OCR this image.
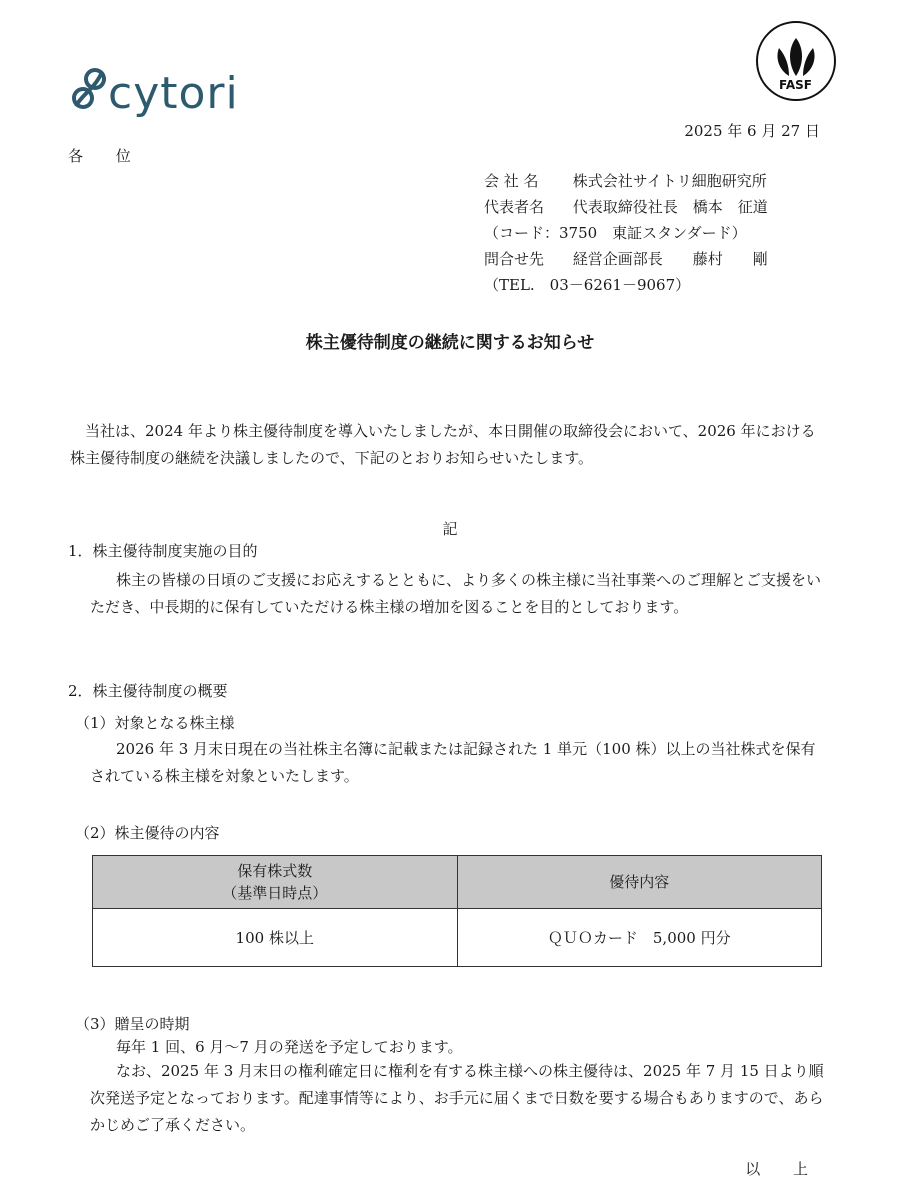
cytori	FASF
2025 年 6 月 27 日
各 位
会 社 名 株式会社サイトリ細胞研究所
代表者名 代表取締役社長　橋本　征道
（コード：3750　東証スタンダード）
問合せ先 経営企画部長　　藤村　　剛
（TEL.　03－6261－9067）
株主優待制度の継続に関するお知らせ
当社は、2024 年より株主優待制度を導入いたしましたが、本日開催の取締役会において、2026 年における株主優待制度の継続を決議しましたので、下記のとおりお知らせいたします。
記
1．株主優待制度実施の目的
株主の皆様の日頃のご支援にお応えするとともに、より多くの株主様に当社事業へのご理解とご支援をいただき、中長期的に保有していただける株主様の増加を図ることを目的としております。
2．株主優待制度の概要
（1）対象となる株主様
2026 年 3 月末日現在の当社株主名簿に記載または記録された 1 単元（100 株）以上の当社株式を保有されている株主様を対象といたします。
（2）株主優待の内容
保有株式数
（基準日時点）	優待内容
100 株以上	ＱＵＯカード　5,000 円分
（3）贈呈の時期
毎年 1 回、6 月～7 月の発送を予定しております。
なお、2025 年 3 月末日の権利確定日に権利を有する株主様への株主優待は、2025 年 7 月 15 日より順次発送予定となっております。配達事情等により、お手元に届くまで日数を要する場合もありますので、あらかじめご了承ください。
以 上
